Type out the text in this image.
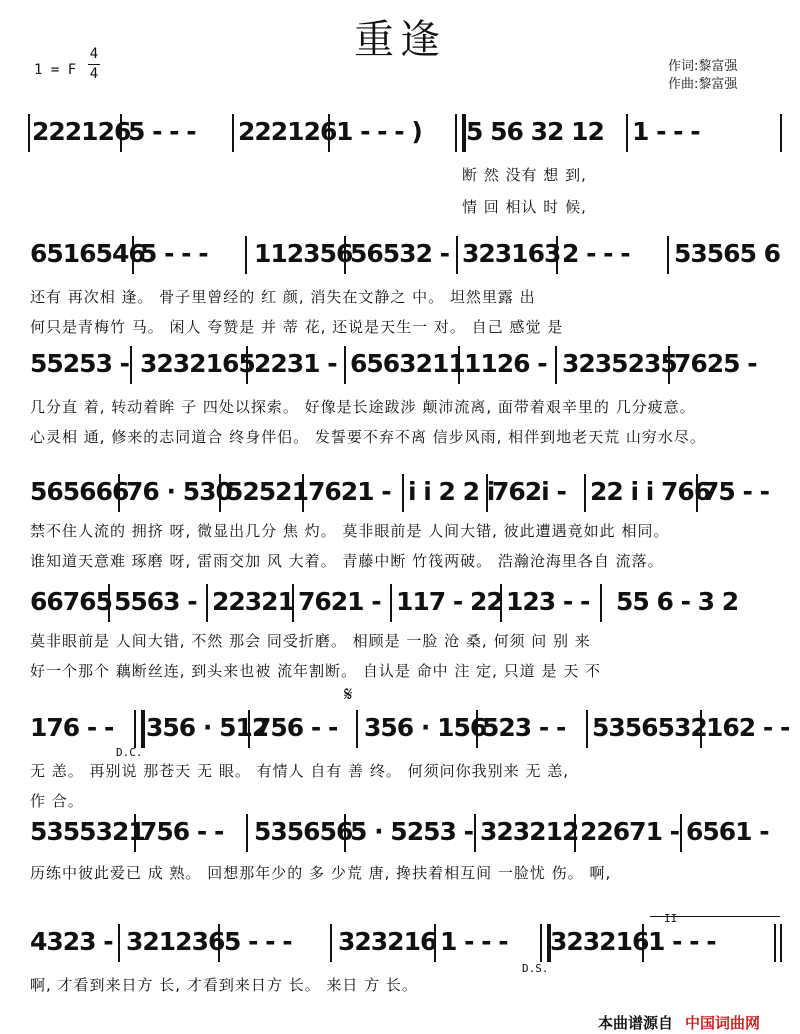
重逢
1 = F
4
4	作词:黎富强
作曲:黎富强
222126
5 - - -	222126 1 - - - )	5 56 32 12	1 - - -
断 然 没有 想 到,
情 回 相认 时 候,
6516546
5 - - -	112356
56532 - 323163 2 - - -	53565 6
还有 再次相 逢。 骨子里曾经的 红 颜, 消失在文静之 中。 坦然里露 出
何只是青梅竹 马。 闲人 夸赞是 并 蒂 花, 还说是天生一 对。 自己 感觉 是
55253 - 3232165 2231 - 6563211 1126 - 3235235
7625 -
几分直 着, 转动着眸 子 四处以探索。 好像是长途跋涉 颠沛流离, 面带着艰辛里的 几分疲意。
心灵相 通, 修来的志同道合 终身伴侣。 发誓要不弃不离 信步风雨, 相伴到地老天荒 山穷水尽。
565666
76 · 530
52521 7621 - i i 2 2 i
762i - 22 i i 766
75 - -
禁不住人流的 拥挤 呀, 微显出几分 焦 灼。 莫非眼前是 人间大错, 彼此遭遇竟如此 相同。
谁知道天意难 琢磨 呀, 雷雨交加 风 大着。 青藤中断 竹筏两破。 浩瀚沧海里各自 流落。
66765 5563 - 22321 7621 - 117 - 22 123 - -	55 6 - 3 2
莫非眼前是 人间大错, 不然 那会 同受折磨。 相顾是 一脸 沧 桑, 何须 问 别 来
好一个那个 藕断丝连, 到头来也被 流年割断。 自认是 命中 注 定, 只道 是 天 不
𝄋
176 - -
D.C.
356 · 512
756 - -	356 · 156
523 - -	5356532 162 - -
无 恙。 再别说 那苍天 无 眼。 有情人 自有 善 终。 何须问你我别来 无 恙,
作 合。
5355321
756 - -	535656
5 · 5253 - 323212 22671 - 6561 -
历练中彼此爱已 成 熟。 回想那年少的 多 少荒 唐, 搀扶着相互间 一脸忧 伤。 啊,
4323 - 321236 5 - - -	323216 1 - - -
D.S.
323216
II
1 - - -
啊, 才看到来日方 长, 才看到来日方 长。 来日 方 长。
本曲谱源自 中国词曲网
